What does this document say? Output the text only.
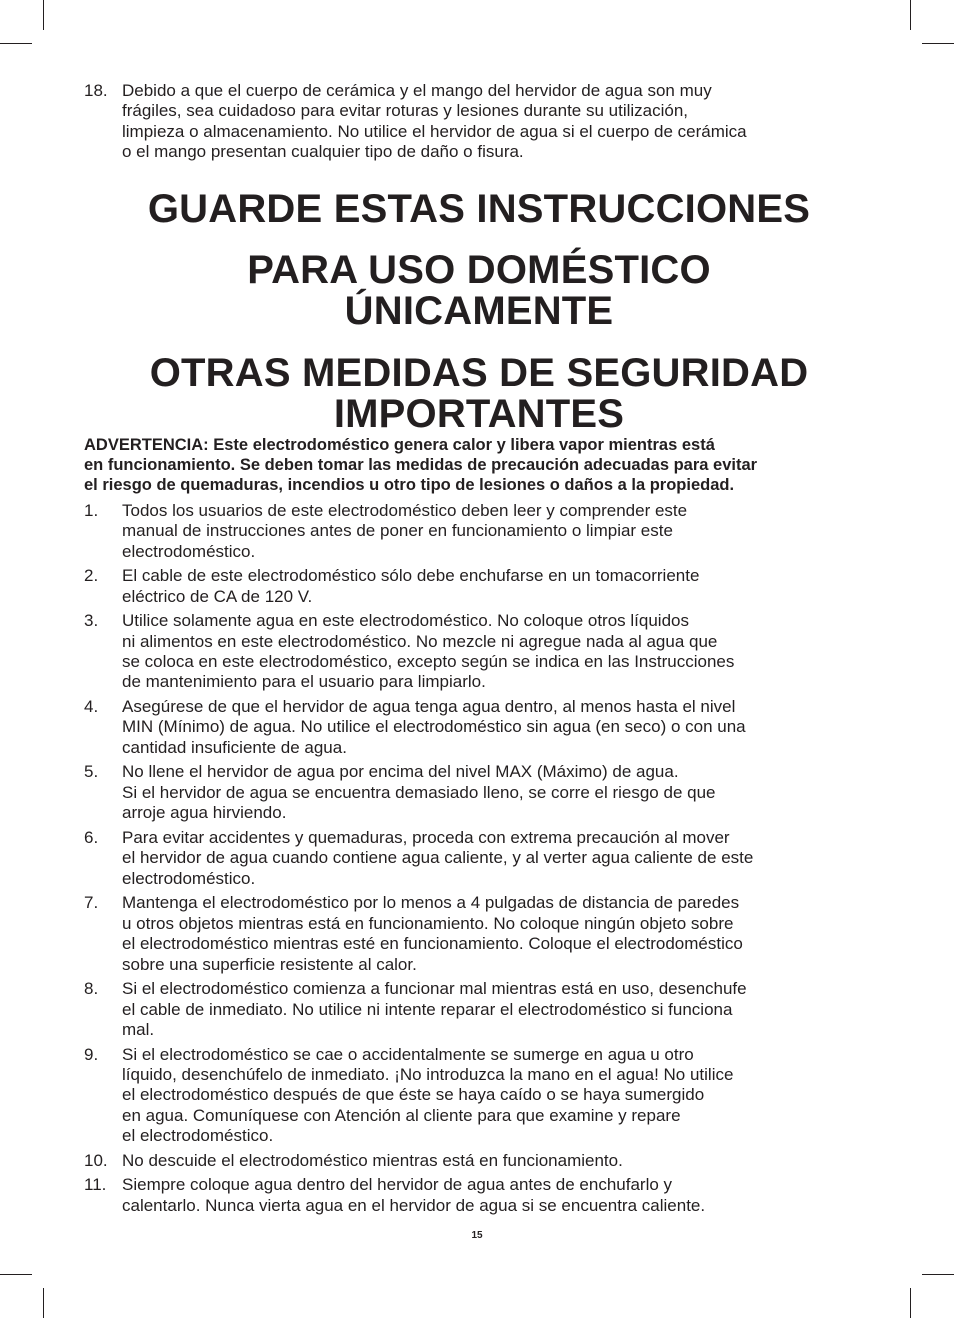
18. Debido a que el cuerpo de cerámica y el mango del hervidor de agua son muy
frágiles, sea cuidadoso para evitar roturas y lesiones durante su utilización,
limpieza o almacenamiento. No utilice el hervidor de agua si el cuerpo de cerámica
o el mango presentan cualquier tipo de daño o fisura.
GUARDE ESTAS INSTRUCCIONES
PARA USO DOMÉSTICO
ÚNICAMENTE
OTRAS MEDIDAS DE SEGURIDAD
IMPORTANTES
ADVERTENCIA: Este electrodoméstico genera calor y libera vapor mientras está
en funcionamiento. Se deben tomar las medidas de precaución adecuadas para evitar
el riesgo de quemaduras, incendios u otro tipo de lesiones o daños a la propiedad.
1.	Todos los usuarios de este electrodoméstico deben leer y comprender este
manual de instrucciones antes de poner en funcionamiento o limpiar este
electrodoméstico.
2.	El cable de este electrodoméstico sólo debe enchufarse en un tomacorriente
eléctrico de CA de 120 V.
3.	Utilice solamente agua en este electrodoméstico. No coloque otros líquidos
ni alimentos en este electrodoméstico. No mezcle ni agregue nada al agua que
se coloca en este electrodoméstico, excepto según se indica en las Instrucciones
de mantenimiento para el usuario para limpiarlo.
4.	Asegúrese de que el hervidor de agua tenga agua dentro, al menos hasta el nivel
MIN (Mínimo) de agua. No utilice el electrodoméstico sin agua (en seco) o con una
cantidad insuficiente de agua.
5.	No llene el hervidor de agua por encima del nivel MAX (Máximo) de agua.
Si el hervidor de agua se encuentra demasiado lleno, se corre el riesgo de que
arroje agua hirviendo.
6.	Para evitar accidentes y quemaduras, proceda con extrema precaución al mover
el hervidor de agua cuando contiene agua caliente, y al verter agua caliente de este
electrodoméstico.
7.	Mantenga el electrodoméstico por lo menos a 4 pulgadas de distancia de paredes
u otros objetos mientras está en funcionamiento. No coloque ningún objeto sobre
el electrodoméstico mientras esté en funcionamiento. Coloque el electrodoméstico
sobre una superficie resistente al calor.
8.	Si el electrodoméstico comienza a funcionar mal mientras está en uso, desenchufe
el cable de inmediato. No utilice ni intente reparar el electrodoméstico si funciona
mal.
9.	Si el electrodoméstico se cae o accidentalmente se sumerge en agua u otro
líquido, desenchúfelo de inmediato. ¡No introduzca la mano en el agua! No utilice
el electrodoméstico después de que éste se haya caído o se haya sumergido
en agua. Comuníquese con Atención al cliente para que examine y repare
el electrodoméstico.
10. No descuide el electrodoméstico mientras está en funcionamiento.
11. Siempre coloque agua dentro del hervidor de agua antes de enchufarlo y
calentarlo. Nunca vierta agua en el hervidor de agua si se encuentra caliente.
15
